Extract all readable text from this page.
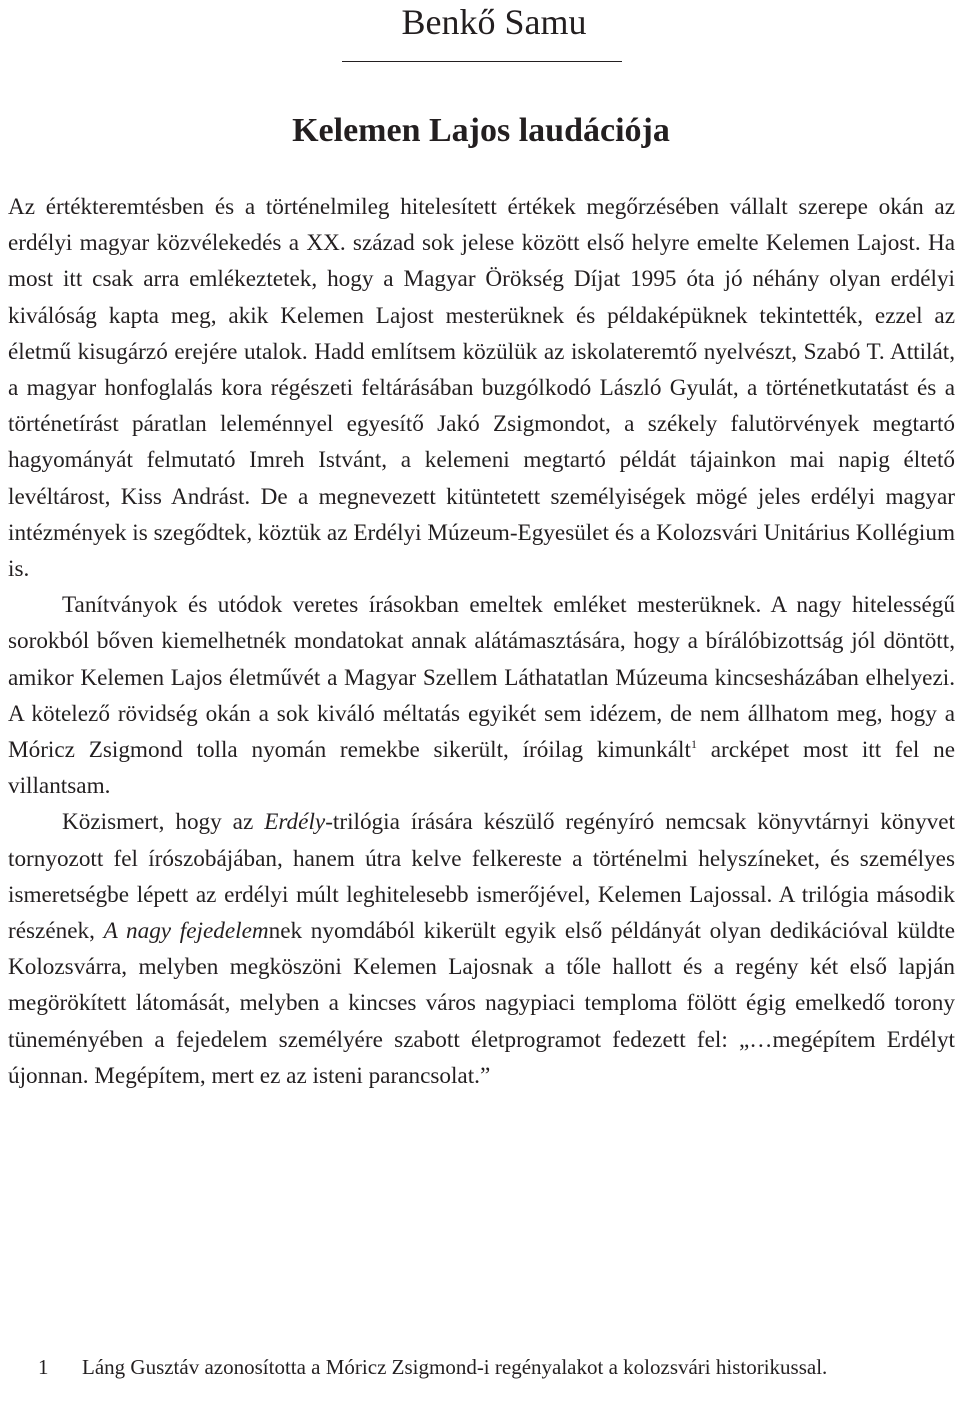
Benkő Samu
Kelemen Lajos laudációja

Az értékteremtésben és a történelmileg hitelesített értékek megőrzésében vállalt szerepe okán az erdélyi magyar közvélekedés a XX. század sok jelese között első helyre emelte Kelemen Lajost. Ha most itt csak arra emlékeztetek, hogy a Magyar Örökség Díjat 1995 óta jó néhány olyan erdélyi kiválóság kapta meg, akik Kelemen Lajost mesterüknek és példaképüknek tekintették, ezzel az életmű kisugárzó erejére utalok. Hadd említsem közülük az iskolateremtő nyelvészt, Szabó T. Attilát, a magyar honfoglalás kora régészeti feltárásában buzgólkodó László Gyulát, a történetkutatást és a történetírást páratlan leleménnyel egyesítő Jakó Zsigmondot, a székely falutörvények megtartó hagyományát felmutató Imreh Istvánt, a kelemeni megtartó példát tájainkon mai napig éltető levéltárost, Kiss Andrást. De a megnevezett kitüntetett személyiségek mögé jeles erdélyi magyar intézmények is szegődtek, köztük az Erdélyi Múzeum-Egyesület és a Kolozsvári Unitárius Kollégium is.

Tanítványok és utódok veretes írásokban emeltek emléket mesterüknek. A nagy hitelességű sorokból bőven kiemelhetnék mondatokat annak alátámasztására, hogy a bírálóbizottság jól döntött, amikor Kelemen Lajos életművét a Magyar Szellem Láthatatlan Múzeuma kincsesházában elhelyezi. A kötelező rövidség okán a sok kiváló méltatás egyikét sem idézem, de nem állhatom meg, hogy a Móricz Zsigmond tolla nyomán remekbe sikerült, íróilag kimunkált$^1$ arcképet most itt fel ne villantsam.

Közismert, hogy az Erdély-trilógia írására készülő regényíró nemcsak könyvtárnyi könyvet tornyozott fel írószobájában, hanem útra kelve felkereste a történelmi helyszíneket, és személyes ismeretségbe lépett az erdélyi múlt leghitelesebb ismerőjével, Kelemen Lajossal. A trilógia második részének, A nagy fejedelemnek nyomdából kikerült egyik első példányát olyan dedikációval küldte Kolozsvárra, melyben megköszöni Kelemen Lajosnak a tőle hallott és a regény két első lapján megörökített látomását, melyben a kincses város nagypiaci temploma fölött égig emelkedő torony tüneményében a fejedelem személyére szabott életprogramot fedezett fel: „…megépítem Erdélyt újonnan. Megépítem, mert ez az isteni parancsolat.”

1 Láng Gusztáv azonosította a Móricz Zsigmond-i regényalakot a kolozsvári historikussal.
